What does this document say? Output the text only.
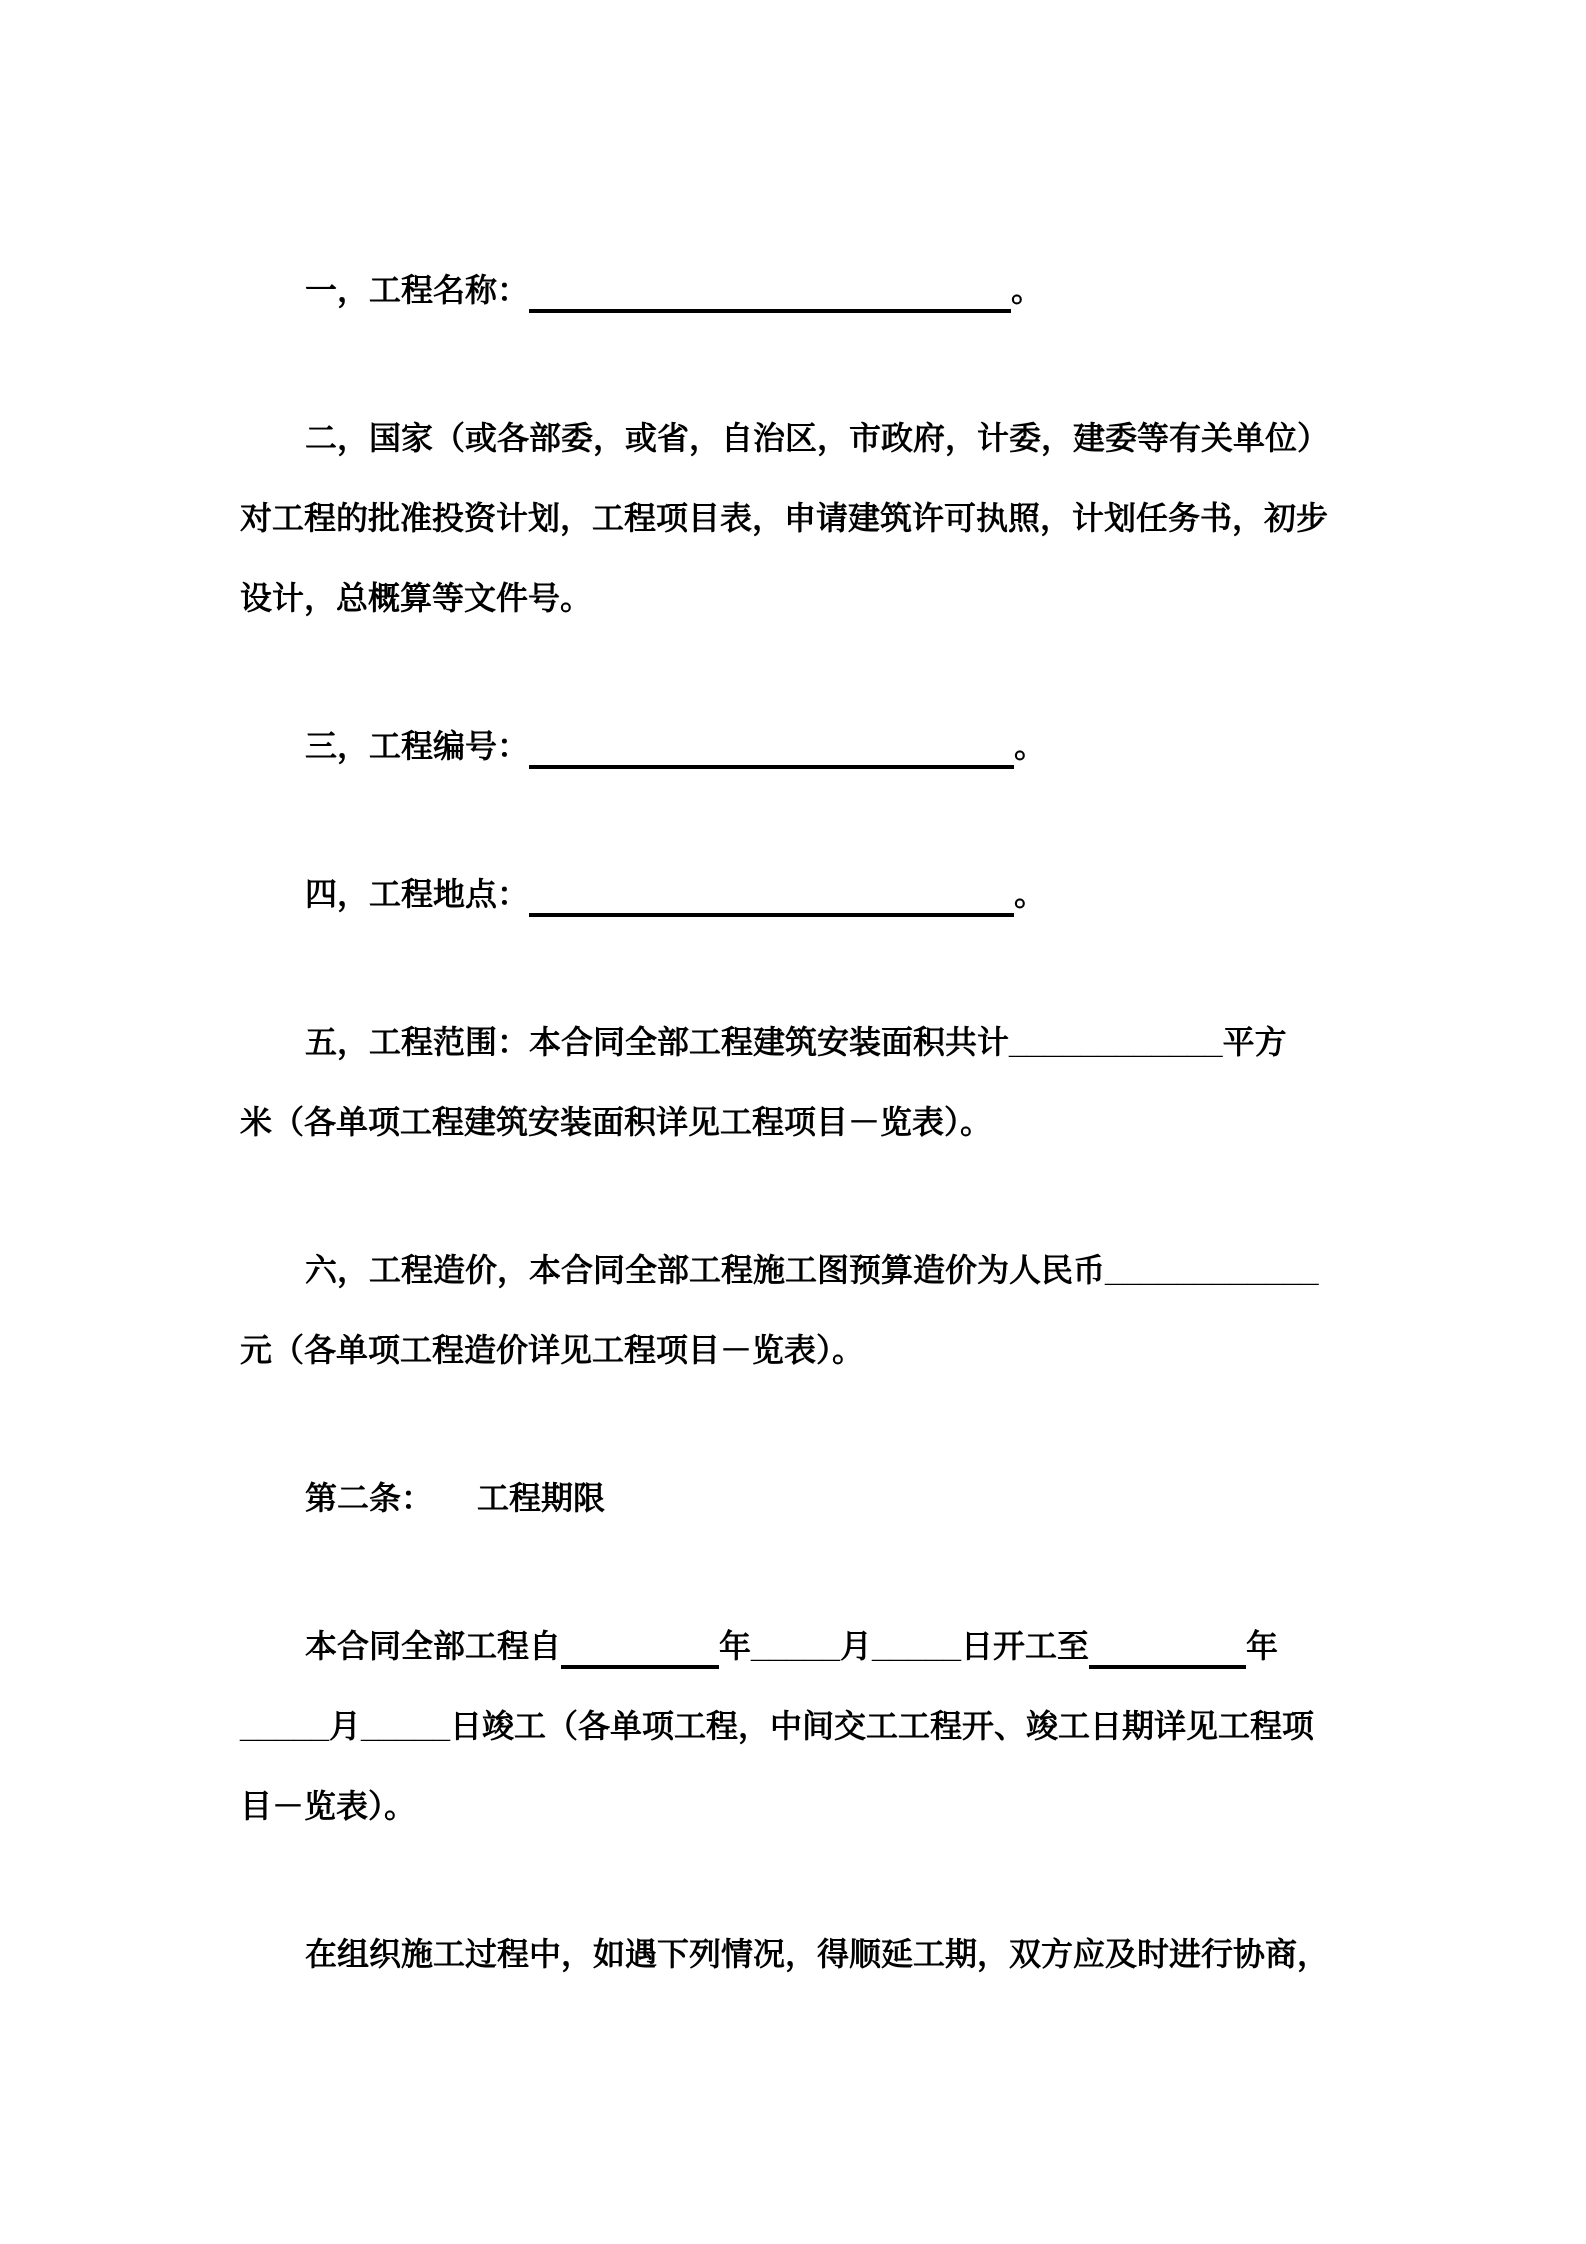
一，工程名称：	。
二，国家（或各部委，或省，自治区，市政府，计委，建委等有关单位）
对工程的批准投资计划，工程项目表，申请建筑许可执照，计划任务书，初步
设计，总概算等文件号。
三，工程编号：	。
四，工程地点：	。
五，工程范围：本合同全部工程建筑安装面积共计____________平方
米（各单项工程建筑安装面积详见工程项目－览表）。
六，工程造价，本合同全部工程施工图预算造价为人民币____________
元（各单项工程造价详见工程项目－览表）。
第二条： 工程期限
本合同全部工程自	年_____月_____日开工至	年
_____月_____日竣工（各单项工程，中间交工工程开、竣工日期详见工程项
目－览表）。
在组织施工过程中，如遇下列情况，得顺延工期，双方应及时进行协商，
